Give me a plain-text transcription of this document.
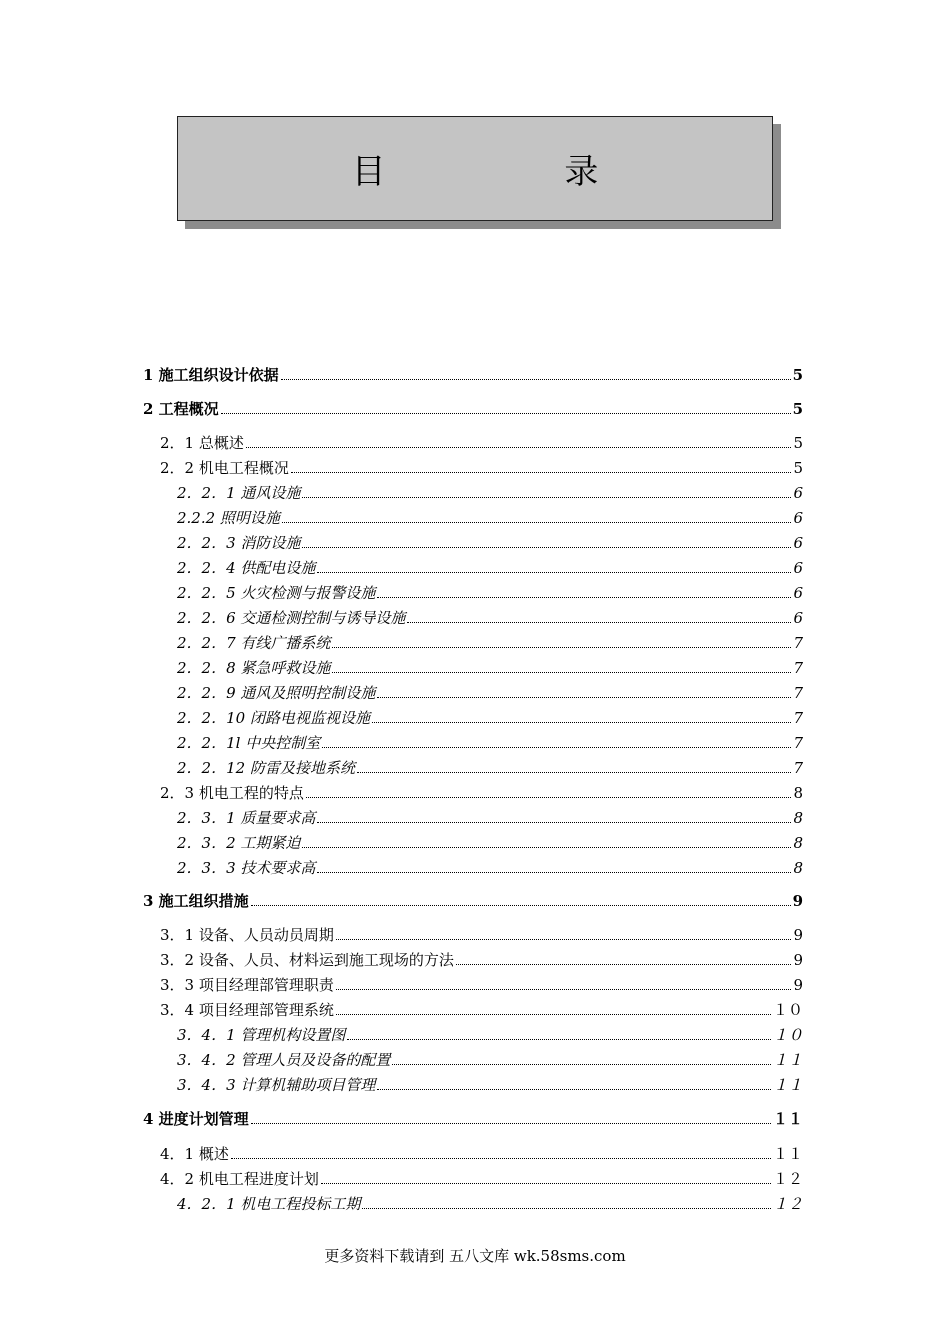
目 录
1 施工组织设计依据	5
2 工程概况	5
2．1 总概述	5
2．2 机电工程概况	5
2．2．1 通风设施	6
2.2.2 照明设施	6
2．2．3 消防设施	6
2．2．4 供配电设施	6
2．2．5 火灾检测与报警设施	6
2．2．6 交通检测控制与诱导设施	6
2．2．7 有线广播系统	7
2．2．8 紧急呼救设施	7
2．2．9 通风及照明控制设施	7
2．2．10 闭路电视监视设施	7
2．2．1l 中央控制室	7
2．2．12 防雷及接地系统	7
2．3 机电工程的特点	8
2．3．1 质量要求高	8
2．3．2 工期紧迫	8
2．3．3 技术要求高	8
3 施工组织措施	9
3．1 设备、人员动员周期	9
3．2 设备、人员、材料运到施工现场的方法	9
3．3 项目经理部管理职责	9
3．4 项目经理部管理系统	１０
3．4．1 管理机构设置图	１０
3．4．2 管理人员及设备的配置	１１
3．4．3 计算机辅助项目管理	１１
4 进度计划管理	１１
4．1 概述	１１
4．2 机电工程进度计划	１２
4．2．1 机电工程投标工期	１２
更多资料下载请到 五八文库 wk.58sms.com
